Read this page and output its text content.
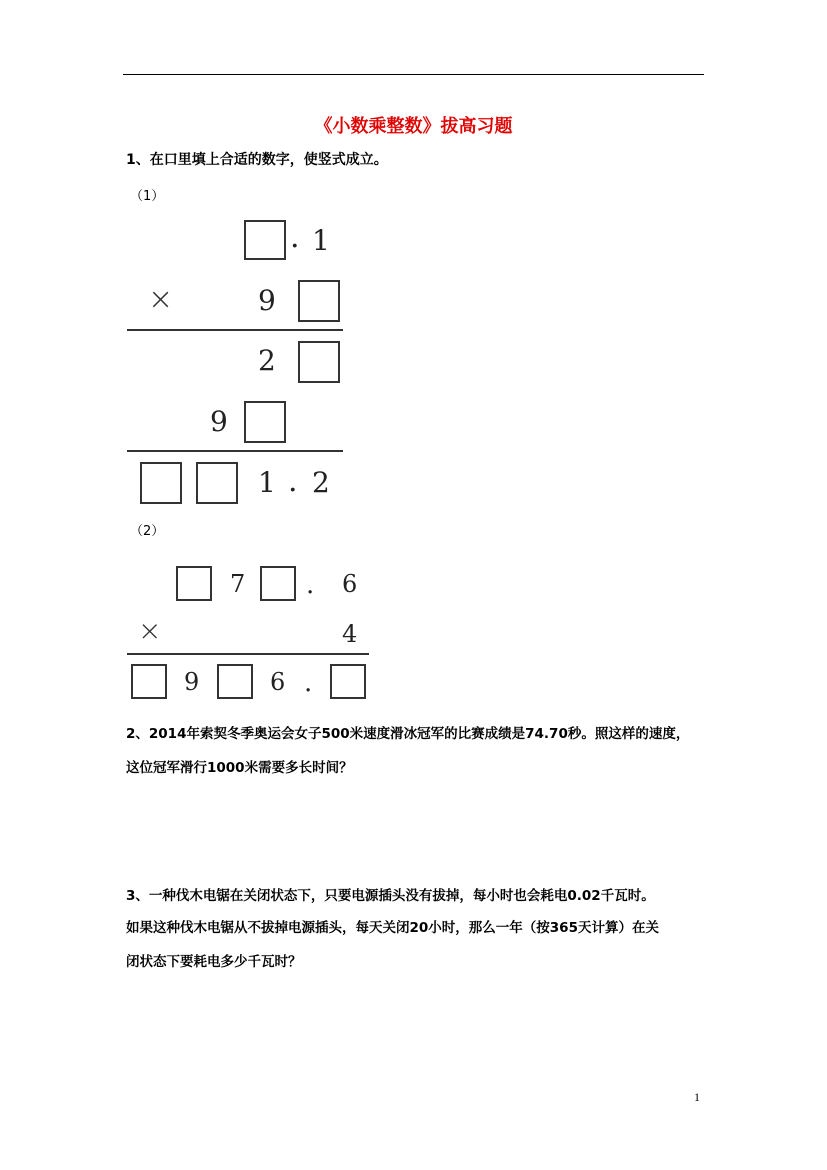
《小数乘整数》拔高习题
1、在口里填上合适的数字，使竖式成立。
（1）
. 1
×	9
2
9
1 . 2
（2）
7 . 6
×	4
9	6 .
2、2014年索契冬季奥运会女子500米速度滑冰冠军的比赛成绩是74.70秒。照这样的速度，
这位冠军滑行1000米需要多长时间？
3、一种伐木电锯在关闭状态下，只要电源插头没有拔掉，每小时也会耗电0.02千瓦时。
如果这种伐木电锯从不拔掉电源插头，每天关闭20小时，那么一年（按365天计算）在关
闭状态下要耗电多少千瓦时？
1
